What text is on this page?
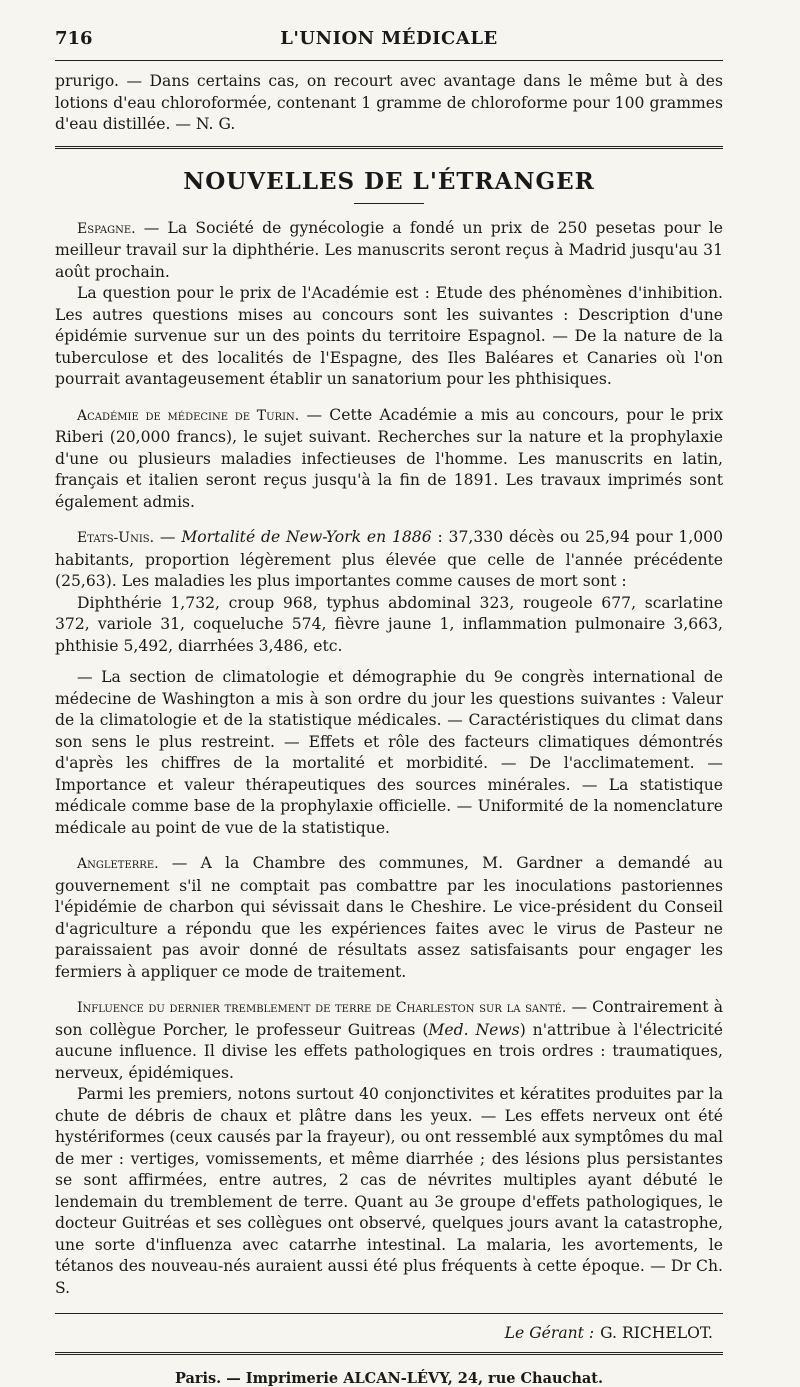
716	L'UNION MÉDICALE

prurigo. — Dans certains cas, on recourt avec avantage dans le même but à des lotions d'eau chloroformée, contenant 1 gramme de chloroforme pour 100 grammes d'eau distillée. — N. G.

NOUVELLES DE L'ÉTRANGER

Espagne. — La Société de gynécologie a fondé un prix de 250 pesetas pour le meilleur travail sur la diphthérie. Les manuscrits seront reçus à Madrid jusqu'au 31 août prochain.

La question pour le prix de l'Académie est : Etude des phénomènes d'inhibition. Les autres questions mises au concours sont les suivantes : Description d'une épidémie survenue sur un des points du territoire Espagnol. — De la nature de la tuberculose et des localités de l'Espagne, des Iles Baléares et Canaries où l'on pourrait avantageusement établir un sanatorium pour les phthisiques.

Académie de médecine de Turin. — Cette Académie a mis au concours, pour le prix Riberi (20,000 francs), le sujet suivant. Recherches sur la nature et la prophylaxie d'une ou plusieurs maladies infectieuses de l'homme. Les manuscrits en latin, français et italien seront reçus jusqu'à la fin de 1891. Les travaux imprimés sont également admis.

Etats-Unis. — Mortalité de New-York en 1886 : 37,330 décès ou 25,94 pour 1,000 habitants, proportion légèrement plus élevée que celle de l'année précédente (25,63). Les maladies les plus importantes comme causes de mort sont :

Diphthérie 1,732, croup 968, typhus abdominal 323, rougeole 677, scarlatine 372, variole 31, coqueluche 574, fièvre jaune 1, inflammation pulmonaire 3,663, phthisie 5,492, diarrhées 3,486, etc.

— La section de climatologie et démographie du 9e congrès international de médecine de Washington a mis à son ordre du jour les questions suivantes : Valeur de la climatologie et de la statistique médicales. — Caractéristiques du climat dans son sens le plus restreint. — Effets et rôle des facteurs climatiques démontrés d'après les chiffres de la mortalité et morbidité. — De l'acclimatement. — Importance et valeur thérapeutiques des sources minérales. — La statistique médicale comme base de la prophylaxie officielle. — Uniformité de la nomenclature médicale au point de vue de la statistique.

Angleterre. — A la Chambre des communes, M. Gardner a demandé au gouvernement s'il ne comptait pas combattre par les inoculations pastoriennes l'épidémie de charbon qui sévissait dans le Cheshire. Le vice-président du Conseil d'agriculture a répondu que les expériences faites avec le virus de Pasteur ne paraissaient pas avoir donné de résultats assez satisfaisants pour engager les fermiers à appliquer ce mode de traitement.

Influence du dernier tremblement de terre de Charleston sur la santé. — Contrairement à son collègue Porcher, le professeur Guitreas (Med. News) n'attribue à l'électricité aucune influence. Il divise les effets pathologiques en trois ordres : traumatiques, nerveux, épidémiques.

Parmi les premiers, notons surtout 40 conjonctivites et kératites produites par la chute de débris de chaux et plâtre dans les yeux. — Les effets nerveux ont été hystériformes (ceux causés par la frayeur), ou ont ressemblé aux symptômes du mal de mer : vertiges, vomissements, et même diarrhée ; des lésions plus persistantes se sont affirmées, entre autres, 2 cas de névrites multiples ayant débuté le lendemain du tremblement de terre. Quant au 3e groupe d'effets pathologiques, le docteur Guitréas et ses collègues ont observé, quelques jours avant la catastrophe, une sorte d'influenza avec catarrhe intestinal. La malaria, les avortements, le tétanos des nouveau-nés auraient aussi été plus fréquents à cette époque. — Dr Ch. S.

Le Gérant : G. RICHELOT.
Paris. — Imprimerie ALCAN-LÉVY, 24, rue Chauchat.
